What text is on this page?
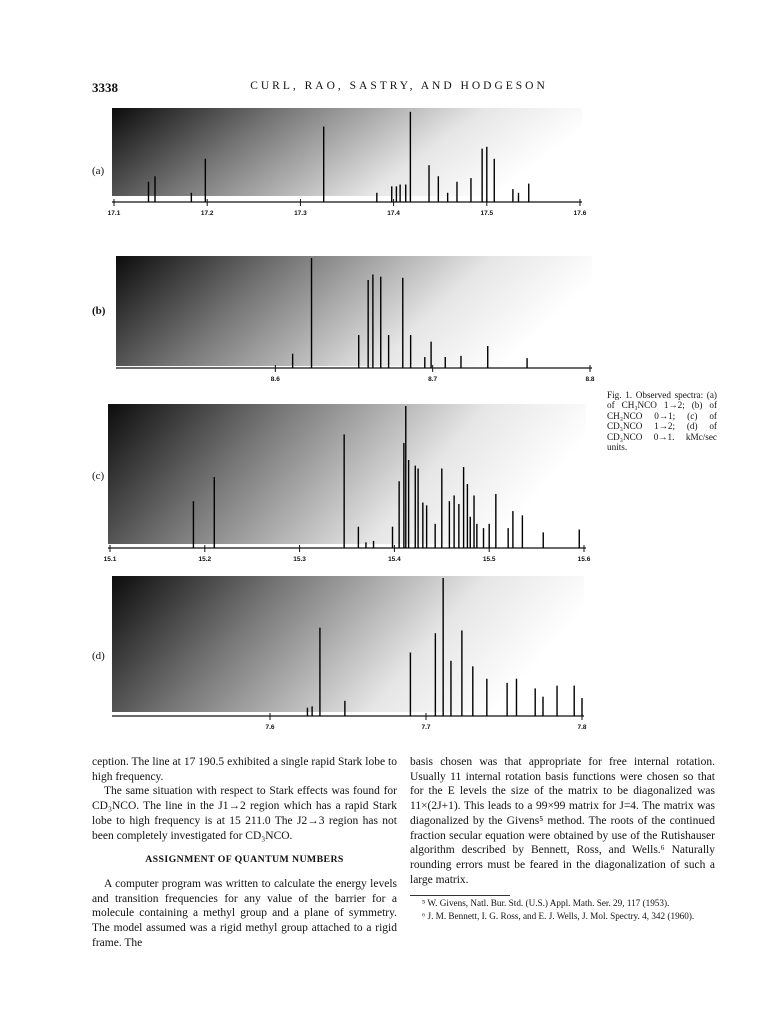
3338	CURL, RAO, SASTRY, AND HODGESON
(a)
17.1	17.2	17.3	17.4	17.5	17.6
(b)
8.6	8.7	8.8
(c)
15.1	15.2	15.3	15.4	15.5	15.6
(d)
7.6	7.7	7.8
Fig. 1. Observed spectra: (a) of CH₃NCO 1→2; (b) of CH₃NCO 0→1; (c) of CD₃NCO 1→2; (d) of CD₃NCO 0→1. kMc/sec units.

ception. The line at 17 190.5 exhibited a single rapid Stark lobe to high frequency.

The same situation with respect to Stark effects was found for CD₃NCO. The line in the J1→2 region which has a rapid Stark lobe to high frequency is at 15 211.0 The J2→3 region has not been completely investigated for CD₃NCO.

ASSIGNMENT OF QUANTUM NUMBERS

A computer program was written to calculate the energy levels and transition frequencies for any value of the barrier for a molecule containing a methyl group and a plane of symmetry. The model assumed was a rigid methyl group attached to a rigid frame. The

basis chosen was that appropriate for free internal rotation. Usually 11 internal rotation basis functions were chosen so that for the E levels the size of the matrix to be diagonalized was 11×(2J+1). This leads to a 99×99 matrix for J=4. The matrix was diagonalized by the Givens⁵ method. The roots of the continued fraction secular equation were obtained by use of the Rutishauser algorithm described by Bennett, Ross, and Wells.⁶ Naturally rounding errors must be feared in the diagonalization of such a large matrix.

⁵ W. Givens, Natl. Bur. Std. (U.S.) Appl. Math. Ser. 29, 117 (1953).
⁶ J. M. Bennett, I. G. Ross, and E. J. Wells, J. Mol. Spectry. 4, 342 (1960).
